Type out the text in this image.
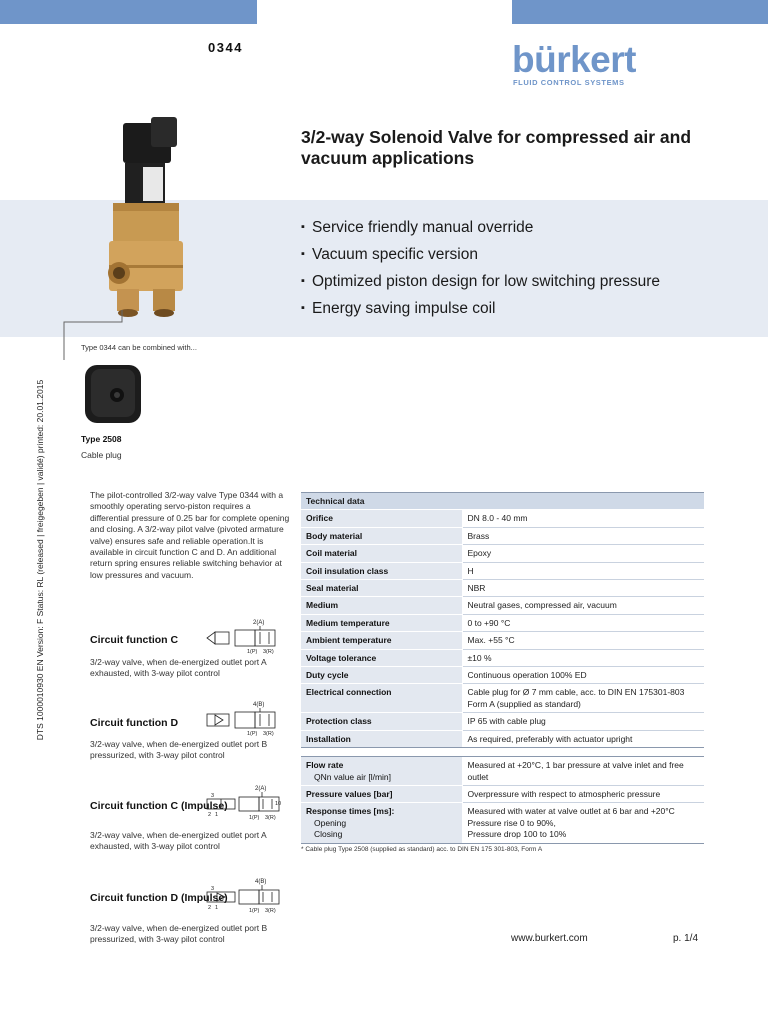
0344	bürkert
FLUID CONTROL SYSTEMS
3/2-way Solenoid Valve for compressed air and vacuum applications
▪ Service friendly manual override
▪ Vacuum specific version
▪ Optimized piston design for low switching pressure
▪ Energy saving impulse coil
DTS 1000010930 EN Version: F Status: RL (released | freigegeben | validé) printed: 20.01.2015
Type 0344 can be combined with...
Type 2508
Cable plug
The pilot-controlled 3/2-way valve Type 0344 with a smoothly operating servo-piston requires a differential pressure of 0.25 bar for complete opening and closing. A 3/2-way pilot valve (pivoted armature valve) ensures safe and reliable operation.It is available in circuit function C and D. An additional return spring ensures reliable switching behavior at low pressures and vacuum.
Circuit function C
2(A)
1(P) 3(R)
3/2-way valve, when de-energized outlet port A exhausted, with 3-way pilot control
Circuit function D
4(B)
1(P) 3(R)
3/2-way valve, when de-energized outlet port B pressurized, with 3-way pilot control
Circuit function C (Impulse)
2(A)
3
2 1
10
1(P) 3(R)
3/2-way valve, when de-energized outlet port A exhausted, with 3-way pilot control
Circuit function D (Impulse)
4(B)
3
2 1	1(P) 3(R)
3/2-way valve, when de-energized outlet port B pressurized, with 3-way pilot control
Technical data	
Orifice	DN 8.0 - 40 mm
Body material	Brass
Coil material	Epoxy
Coil insulation class	H
Seal material	NBR
Medium	Neutral gases, compressed air, vacuum
Medium temperature	0 to +90 °C
Ambient temperature	Max. +55 °C
Voltage tolerance	±10 %
Duty cycle	Continuous operation 100% ED
Electrical connection	Cable plug for Ø 7 mm cable, acc. to DIN EN 175301-803 Form A (supplied as standard)
Protection class	IP 65 with cable plug
Installation	As required, preferably with actuator upright

Flow rate
QNn value air [l/min]	Measured at +20°C, 1 bar pressure at valve inlet and free outlet
Pressure values [bar]	Overpressure with respect to atmospheric pressure
Response times [ms]:
Opening
Closing	Measured with water at valve outlet at 6 bar and +20°C
Pressure rise 0 to 90%,
Pressure drop 100 to 10%
* Cable plug Type 2508 (supplied as standard) acc. to DIN EN 175 301-803, Form A
www.burkert.com	p. 1/4
